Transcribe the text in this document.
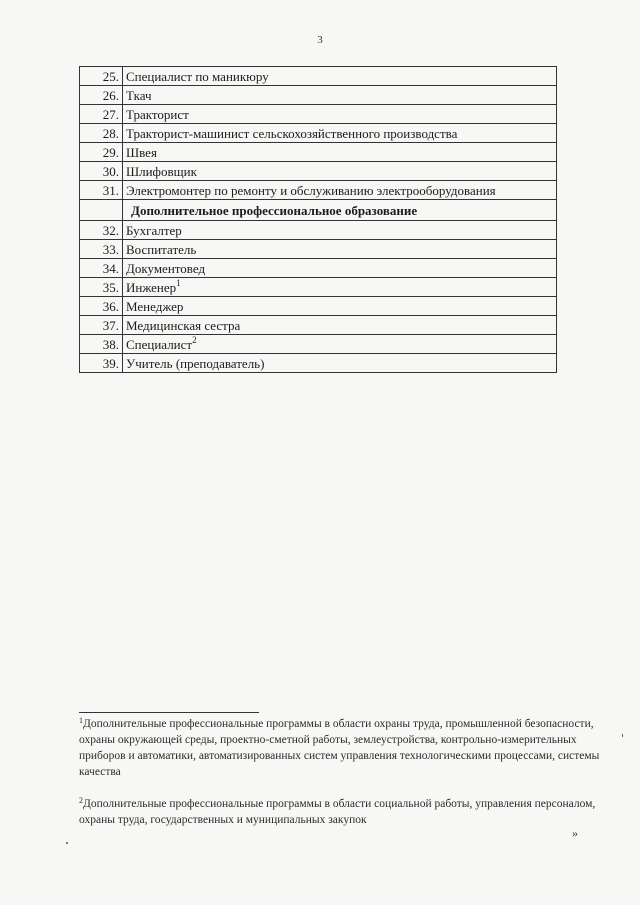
3
25.	Специалист по маникюру
26.	Ткач
27.	Тракторист
28.	Тракторист-машинист сельскохозяйственного производства
29.	Швея
30.	Шлифовщик
31.	Электромонтер по ремонту и обслуживанию электрооборудования
	Дополнительное профессиональное образование
32.	Бухгалтер
33.	Воспитатель
34.	Документовед
35.	Инженер$^1$
36.	Менеджер
37.	Медицинская сестра
38.	Специалист$^2$
39.	Учитель (преподаватель)

$^1$Дополнительные профессиональные программы в области охраны труда, промышленной безопасности, охраны окружающей среды, проектно-сметной работы, землеустройства, контрольно-измерительных приборов и автоматики, автоматизированных систем управления технологическими процессами, системы качества

$^2$Дополнительные профессиональные программы в области социальной работы, управления персоналом, охраны труда, государственных и муниципальных закупок

»
